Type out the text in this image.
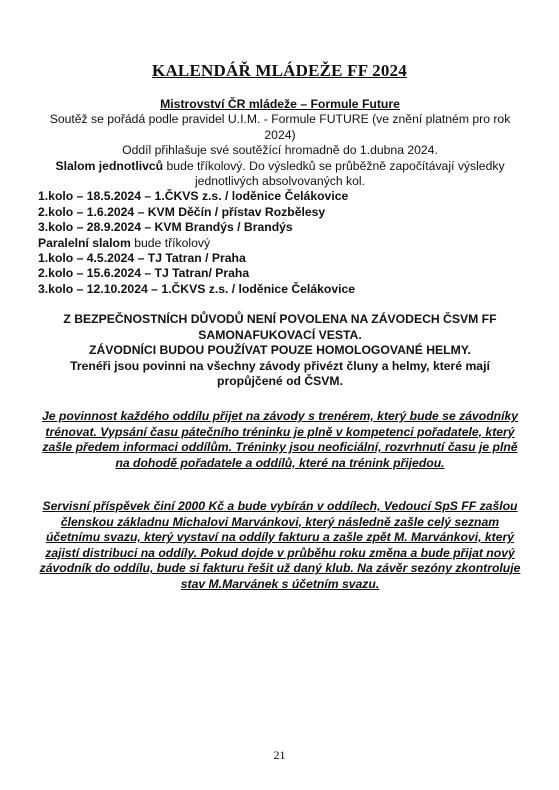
KALENDÁŘ MLÁDEŽE FF 2024

Mistrovství ČR mládeže – Formule Future

Soutěž se pořádá podle pravidel U.I.M. - Formule FUTURE (ve znění platném pro rok 2024)

Oddíl přihlašuje své soutěžící hromadně do 1.dubna 2024.

Slalom jednotlivců bude tříkolový. Do výsledků se průběžně započítávají výsledky jednotlivých absolvovaných kol.

1.kolo – 18.5.2024 – 1.ČKVS z.s. / loděnice Čelákovice

2.kolo – 1.6.2024 – KVM Děčín / přístav Rozbělesy

3.kolo – 28.9.2024 – KVM Brandýs / Brandýs

Paralelní slalom bude tříkolový

1.kolo – 4.5.2024 – TJ Tatran / Praha

2.kolo – 15.6.2024 – TJ Tatran/ Praha

3.kolo – 12.10.2024 – 1.ČKVS z.s. / loděnice Čelákovice

Z BEZPEČNOSTNÍCH DŮVODŮ NENÍ POVOLENA NA ZÁVODECH ČSVM FF SAMONAFUKOVACÍ VESTA.

ZÁVODNÍCI BUDOU POUŽÍVAT POUZE HOMOLOGOVANÉ HELMY.

Trenéři jsou povinni na všechny závody přivézt čluny a helmy, které mají propůjčené od ČSVM.

Je povinnost každého oddílu přijet na závody s trenérem, který bude se závodníky trénovat. Vypsání času pátečního tréninku je plně v kompetenci pořadatele, který zašle předem informaci oddílům. Tréninky jsou neoficiální, rozvrhnutí času je plně na dohodě pořadatele a oddílů, které na trénink přijedou.
Servisní příspěvek činí 2000 Kč a bude vybírán v oddílech, Vedoucí SpS FF zašlou členskou základnu Michalovi Marvánkovi, který následně zašle celý seznam účetnímu svazu, který vystaví na oddíly fakturu a zašle zpět M. Marvánkovi, který zajistí distribuci na oddíly. Pokud dojde v průběhu roku změna a bude přijat nový závodník do oddílu, bude si fakturu řešit už daný klub. Na závěr sezóny zkontroluje stav M.Marvánek s účetním svazu.
21
